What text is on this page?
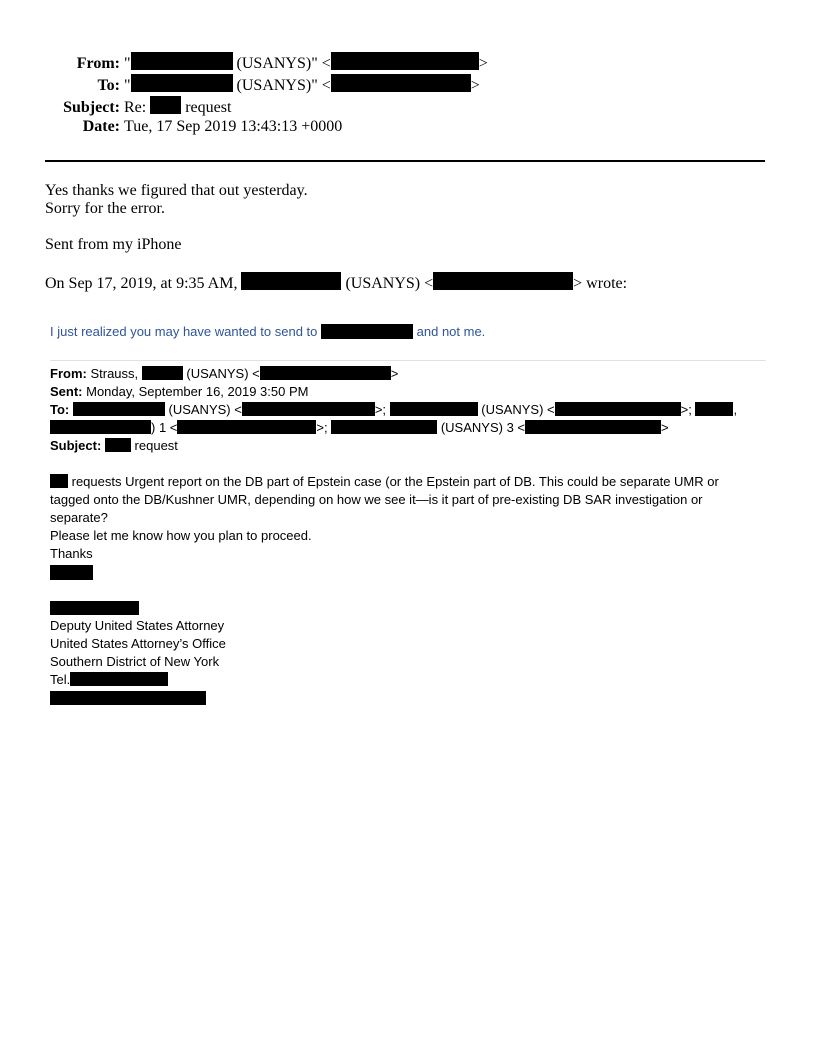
From: "	(USANYS)" <	>
To: "	(USANYS)" <	>
Subject: Re: request
Date: Tue, 17 Sep 2019 13:43:13 +0000
Yes thanks we figured that out yesterday.
Sorry for the error.
Sent from my iPhone
On Sep 17, 2019, at 9:35 AM,	(USANYS) <	> wrote:
I just realized you may have wanted to send to	and not me.
From: Strauss,	(USANYS) <	>
Sent: Monday, September 16, 2019 3:50 PM
To:	(USANYS) <	>;	(USANYS) <	>;	,
) 1 <	>;	(USANYS) 3 <	>
Subject:	request
requests Urgent report on the DB part of Epstein case (or the Epstein part of DB. This could be separate UMR or
tagged onto the DB/Kushner UMR, depending on how we see it—is it part of pre-existing DB SAR investigation or
separate?
Please let me know how you plan to proceed.
Thanks
Deputy United States Attorney
United States Attorney’s Office
Southern District of New York
Tel.
